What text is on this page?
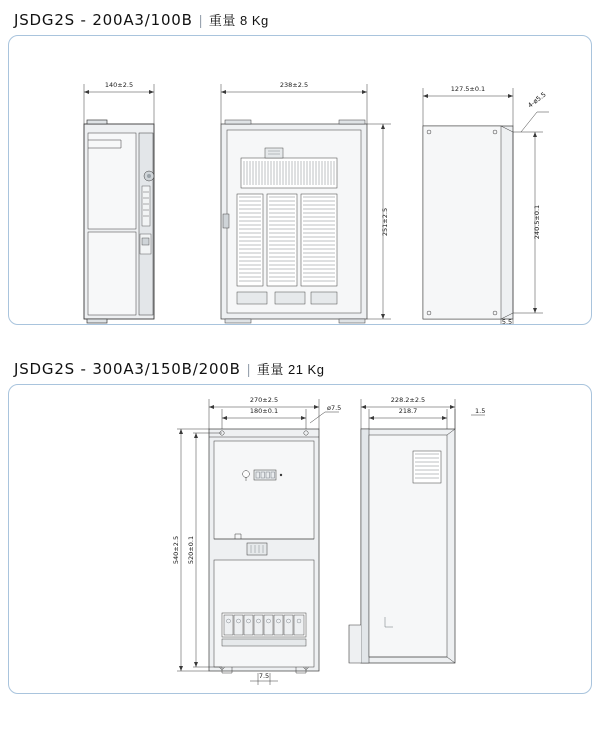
JSDG2S - 200A3/100B | 重量 8 Kg
140±2.5	238±2.5
251±2.5
127.5±0.1
4-ø5.5
240.5±0.1
5.5
JSDG2S - 300A3/150B/200B | 重量 21 Kg
270±2.5
180±0.1	ø7.5
540±2.5 520±0.1
7.5
228.2±2.5
218.7	1.5
